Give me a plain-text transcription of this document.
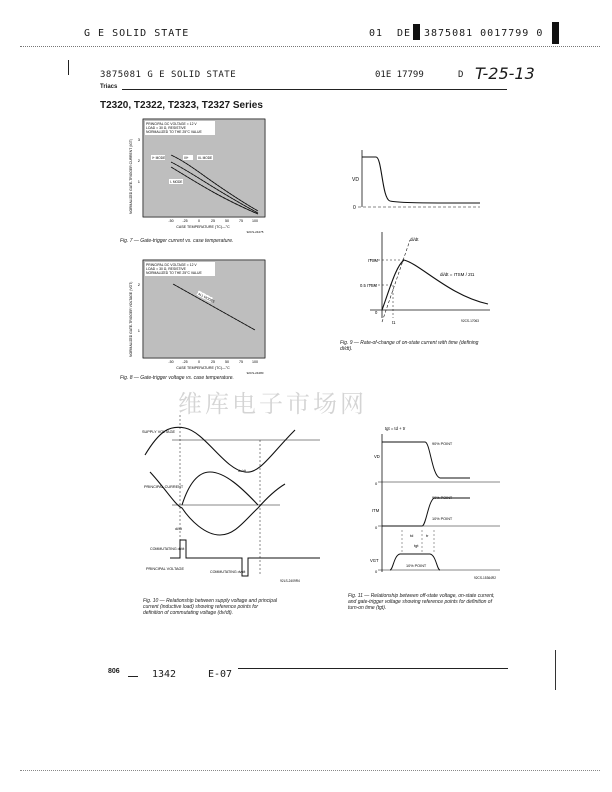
G E SOLID STATE	01 DE 3875081 0017799 0
3875081 G E SOLID STATE	01E 17799	D T-25-13
Triacs
T2320, T2322, T2323, T2327 Series
PRINCIPAL DC VOLTAGE = 12 V
LOAD = 30 Ω, RESISTIVE
NORMALIZED TO THE 25°C VALUE
I+ MODE	III+	III- MODE
I- MODE
3
2
1
-50 -25	0	25	50	75	100
CASE TEMPERATURE (TC)—°C
92CS-24475
NORMALIZED GATE-TRIGGER CURRENT (IGT)
Fig. 7 — Gate-trigger current vs. case temperature.
PRINCIPAL DC VOLTAGE = 12 V
LOAD = 30 Ω, RESISTIVE
NORMALIZED TO THE 25°C VALUE
ALL MODES
2
1
-50 -25	0	25	50	75	100
CASE TEMPERATURE (TC)—°C
92CS-24480
NORMALIZED GATE-TRIGGER VOLTAGE (VGT)
Fig. 8 — Gate-trigger voltage vs. case temperature.
VD
0
di/dt
ITSM
0.5 ITSM
0
t1
di/dt = ITSM / 2t1
92CS-17063
Fig. 9 — Rate-of-change of on-state current with time (defining di/dt).
维库电子市场网
SUPPLY VOLTAGE
dv/dt
PRINCIPAL CURRENT
di/dt
COMMUTATING di/dt
PRINCIPAL VOLTAGE
COMMUTATING dv/dt
92LS-2409R4
Fig. 10 — Relationship between supply voltage and principal current (inductive load) showing reference points for definition of commutating voltage (dv/dt).
tgt = td + tr
90% POINT
VD
0
90% POINT
10% POINT
ITM
0
td	tr
tgt
VGT
0
10% POINT
92CS-15364R2
Fig. 11 — Relationship between off-state voltage, on-state current, and gate-trigger voltage showing reference points for definition of turn-on time (tgt).
806	1342	E-07
